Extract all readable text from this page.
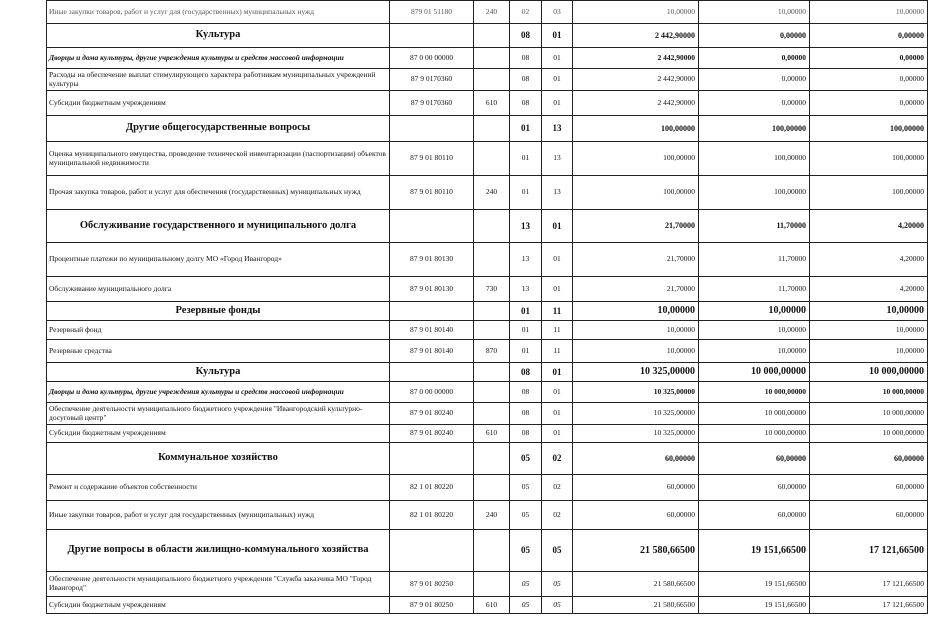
Иные закупки товаров, работ и услуг для (государственных) муниципальных нужд	879 01 51180	240	02	03	10,00000	10,00000	10,00000
Культура			08	01	2 442,90000	0,00000	0,00000
Дворцы и дома культуры, другие учреждения культуры и средств массовой информации	87 0 00 00000		08	01	2 442,90000	0,00000	0,00000
Расходы на обеспечение выплат стимулирующего характера работникам муниципальных учреждений культуры	87 9 0170360		08	01	2 442,90000	0,00000	0,00000
Субсидии бюджетным учреждениям	87 9 0170360	610	08	01	2 442,90000	0,00000	0,00000
Другие общегосударственные вопросы			01	13	100,00000	100,00000	100,00000
Оценка муниципального имущества, проведение технической инвентаризации (паспортизации) объектов муниципальной недвижимости	87 9 01 80110		01	13	100,00000	100,00000	100,00000
Прочая закупка товаров, работ и услуг для обеспечения (государственных) муниципальных нужд	87 9 01 80110	240	01	13	100,00000	100,00000	100,00000
Обслуживание государственного и муниципального долга			13	01	21,70000	11,70000	4,20000
Процентные платежи по муниципальному долгу МО «Город Ивангород»	87 9 01 80130		13	01	21,70000	11,70000	4,20000
Обслуживание муниципального долга	87 9 01 80130	730	13	01	21,70000	11,70000	4,20000
Резервные фонды			01	11	10,00000	10,00000	10,00000
Резервный фонд	87 9 01 80140		01	11	10,00000	10,00000	10,00000
Резервные средства	87 9 01 80140	870	01	11	10,00000	10,00000	10,00000
Культура			08	01	10 325,00000	10 000,00000	10 000,00000
Дворцы и дома культуры, другие учреждения культуры и средств массовой информации	87 0 00 00000		08	01	10 325,00000	10 000,00000	10 000,00000
Обеспечение деятельности муниципального бюджетного учреждения "Ивангородский культурно-досуговый центр"	87 9 01 80240		08	01	10 325,00000	10 000,00000	10 000,00000
Субсидии бюджетным учреждениям	87 9 01 80240	610	08	01	10 325,00000	10 000,00000	10 000,00000
Коммунальное хозяйство			05	02	60,00000	60,00000	60,00000
Ремонт и содержание объектов собственности	82 1 01 80220		05	02	60,00000	60,00000	60,00000
Иные закупки товаров, работ и услуг для государственных (муниципальных) нужд	82 1 01 80220	240	05	02	60,00000	60,00000	60,00000
Другие вопросы в области жилищно-коммунального хозяйства			05	05	21 580,66500	19 151,66500	17 121,66500
Обеспечение деятельности муниципального бюджетного учреждения "Служба заказчика МО "Город Ивангород"	87 9 01 80250		05	05	21 580,66500	19 151,66500	17 121,66500
Субсидии бюджетным учреждениям	87 9 01 80250	610	05	05	21 580,66500	19 151,66500	17 121,66500
